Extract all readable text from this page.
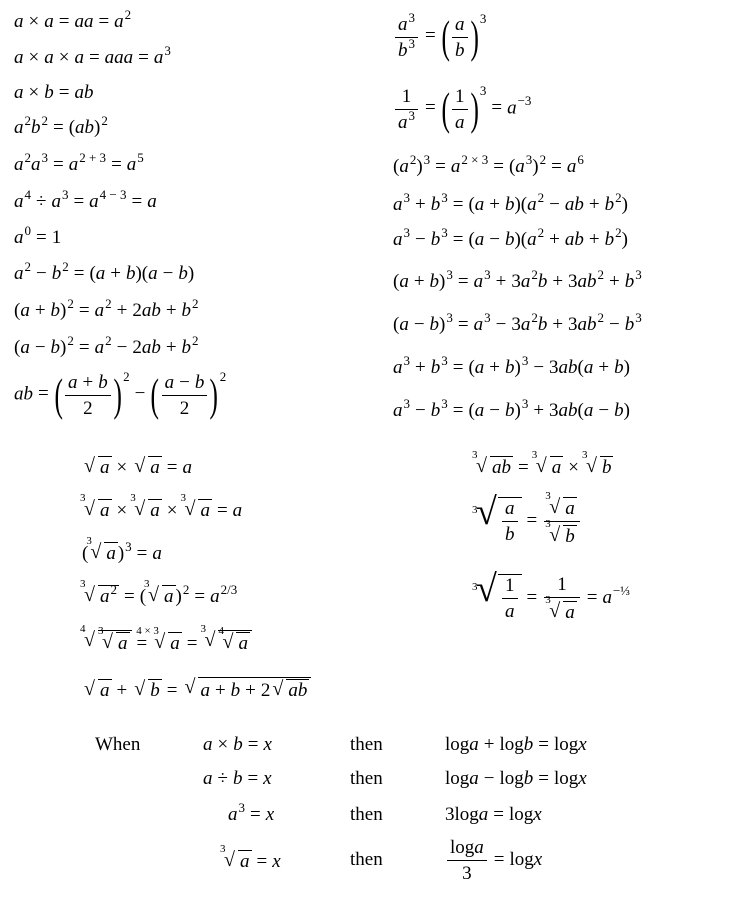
a × a = aa = $a^2$
a × a × a = aaa = $a^3$
a × b = ab
$a^2b^2 = (ab)^2$
$a^2a^3 = a^{2 + 3} = a^5$
$a^4 \div a^3 = a^{4 - 3} = a$
$a^0 = 1$
$a^2 - b^2 = (a + b)(a - b)$
$(a + b)^2 = a^2 + 2ab + b^2$
$(a - b)^2 = a^2 - 2ab + b^2$
ab = ( $\frac{a + b}{2} )^2-$ ( $\frac{a - b}{2} )^2$
$\frac{a^3}{b^3}$ = ( $\frac{a}{b} )^3$
$\frac{1}{a^3}$ = ( $\frac{1}{a} )^3= a^{-3}$
$(a^2)^3 = a^{2 \times 3} = (a^3)^2 = a^6$
$a^3 + b^3 = (a + b)(a^2$ − ab + $b^2$)
$a^3 - b^3 = (a - b)(a^2$ + ab + $b^2$)
$(a + b)^3 = a^3 + 3a^2b + 3ab^2 + b^3$
$(a - b)^3 = a^3 - 3a^2b + 3ab^2 - b^3$
$a^3 + b^3 = (a + b)^3 - 3ab(a + b)$
$a^3 - b^3 = (a - b)^3 + 3ab(a - b)$
√ a × √ a = a
3
√ a ×
3
√ a ×
3
√ a = a
(
3
√ a )$^3$ = a
3
√ $a^2$ = (
3
√ a )$^2 = a^{2/3}$
4
√ 3
√ a =
4 × 3
√ a =
3
√ 4
√ a
√ a + √ b = √ a + b + 2 √ ab
3
√ ab =
3
√ a ×
3
√ b
3
√ $\frac{a}{b} = 3$
√ a
3
√ b
3
√ $\frac{1}{a} = 1$
3
√ $a = a^{-\frac{1}{3}}$
When	a × b = x	then	loga + logb = logx
a ÷ b = x	then	loga − logb = logx
$a^3 = x$	then	3loga = logx
3
√ a = x	then	$\frac{\log a}{3} = \log x$
